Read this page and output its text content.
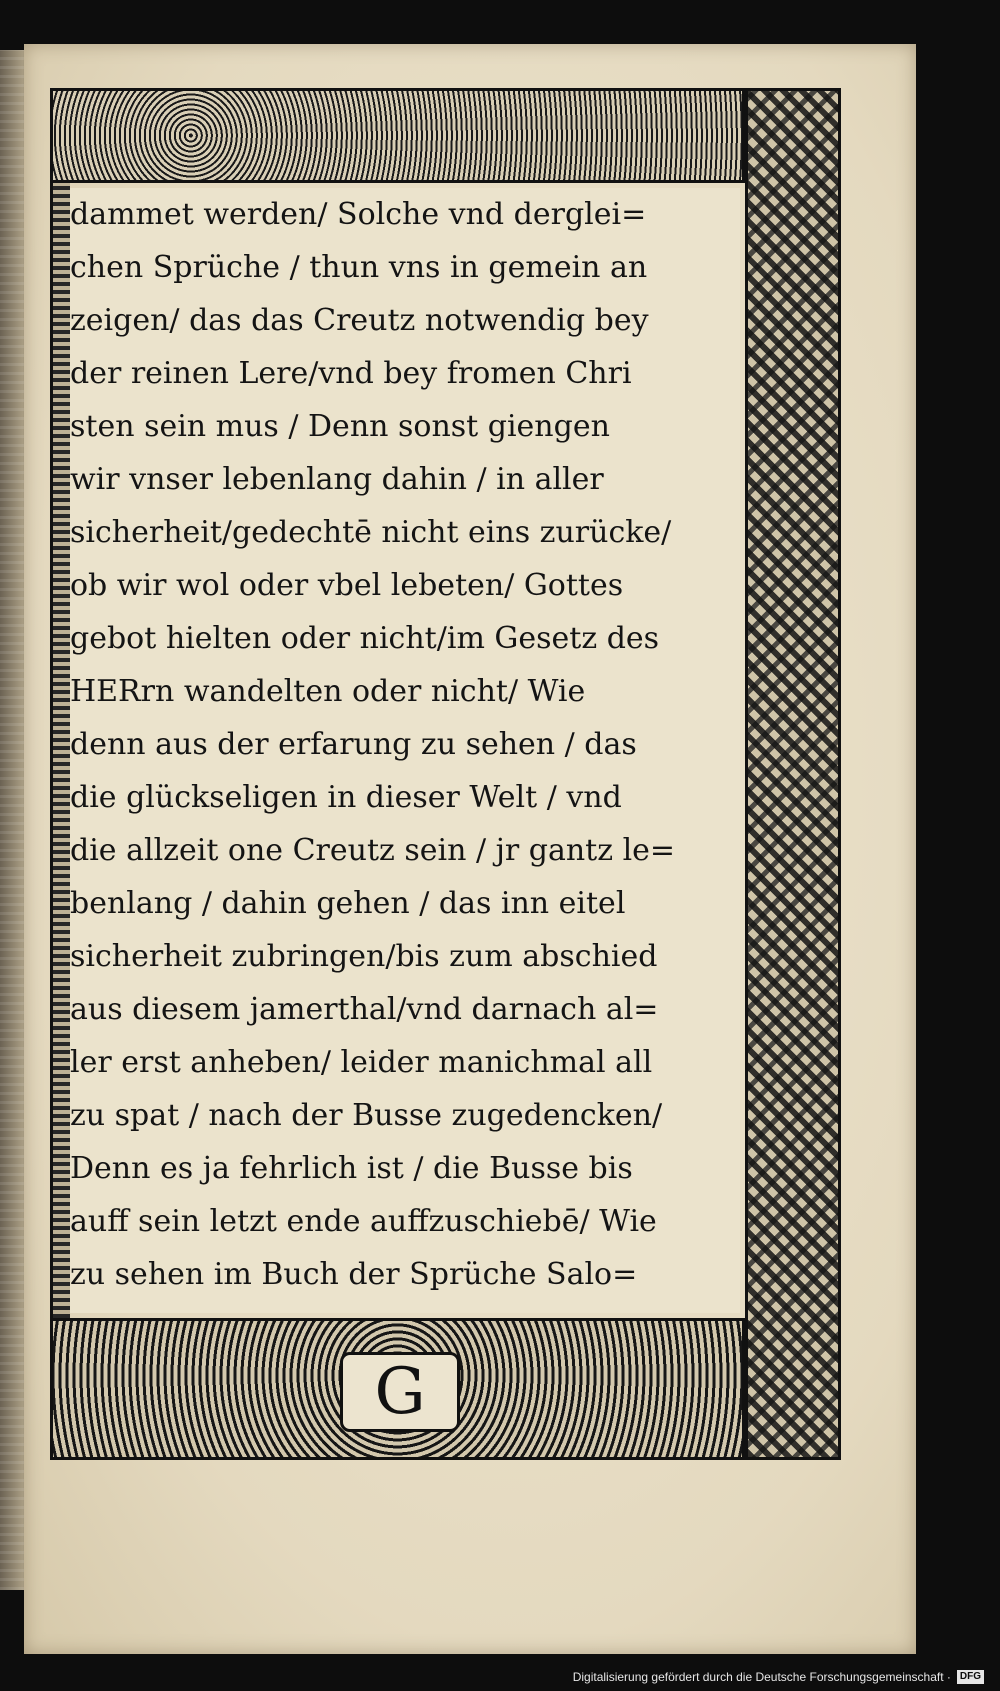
G
dammet werden/ Solche vnd derglei=
chen Sprüche / thun vns in gemein an
zeigen/ das das Creutz notwendig bey
der reinen Lere/vnd bey fromen Chri
sten sein mus / Denn sonst giengen
wir vnser lebenlang dahin / in aller
sicherheit/gedechtē nicht eins zurücke/
ob wir wol oder vbel lebeten/ Gottes
gebot hielten oder nicht/im Gesetz des
HERrn wandelten oder nicht/ Wie
denn aus der erfarung zu sehen / das
die glückseligen in dieser Welt / vnd
die allzeit one Creutz sein / jr gantz le=
benlang / dahin gehen / das inn eitel
sicherheit zubringen/bis zum abschied
aus diesem jamerthal/vnd darnach al=
ler erst anheben/ leider manichmal all
zu spat / nach der Busse zugedencken/
Denn es ja fehrlich ist / die Busse bis
auff sein letzt ende auffzuschiebē/ Wie
zu sehen im Buch der Sprüche Salo=
Digitalisierung gefördert durch die Deutsche Forschungsgemeinschaft · DFG
